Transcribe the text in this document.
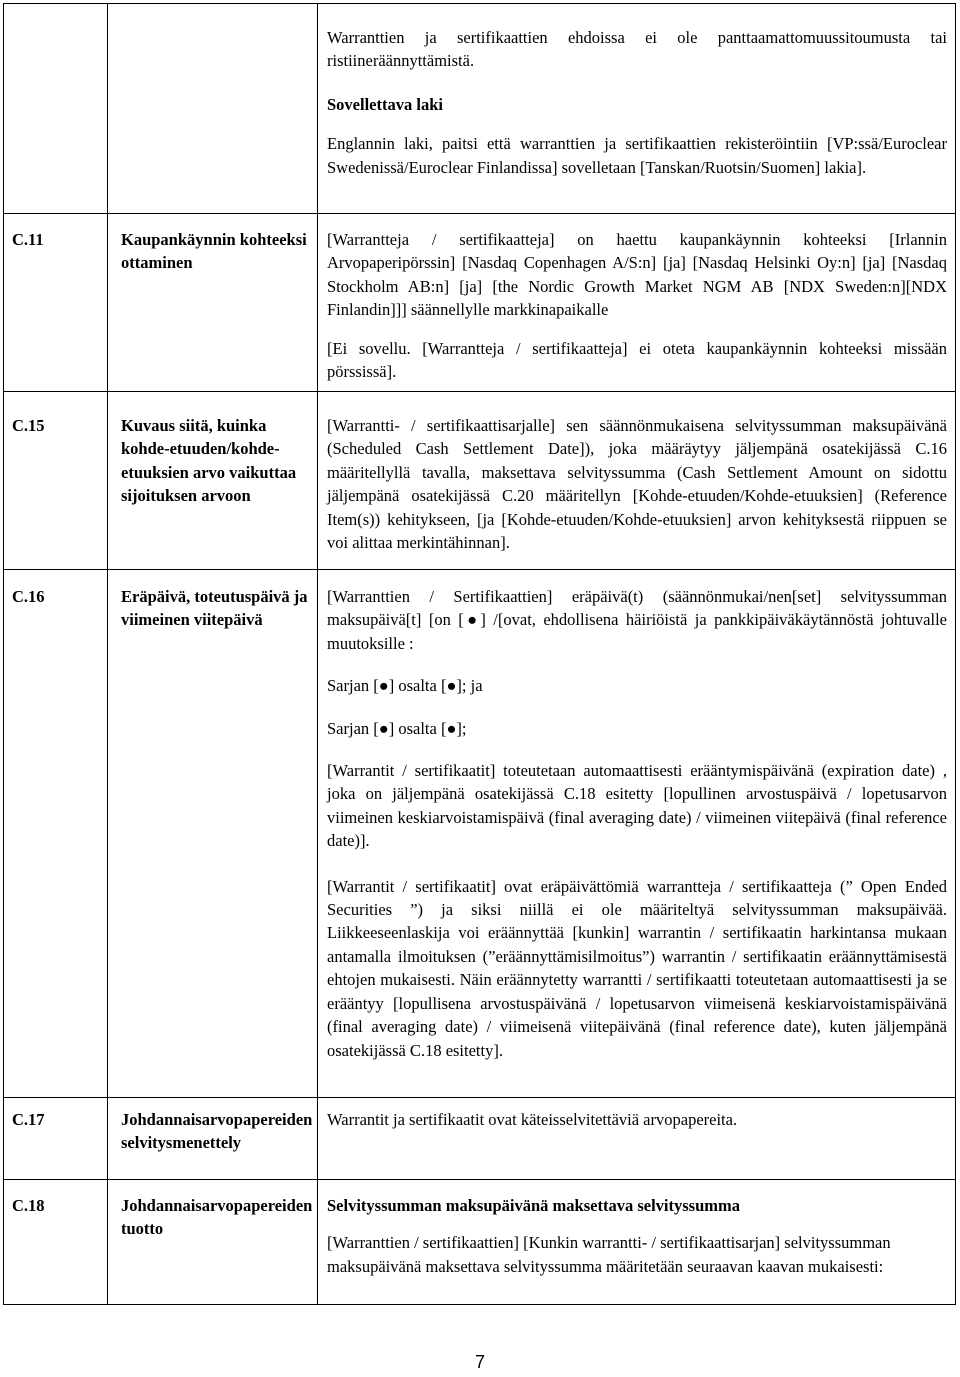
		Warranttien ja sertifikaattien ehdoissa ei ole panttaamattomuussitoumusta tai ristiineräännyttämistä.

Sovellettava laki

Englannin laki, paitsi että warranttien ja sertifikaattien rekisteröintiin [VP:ssä/Euroclear Swedenissä/Euroclear Finlandissa] sovelletaan [Tanskan/Ruotsin/Suomen] lakia].

C.11	Kaupankäynnin kohteeksi ottaminen	[Warrantteja / sertifikaatteja] on haettu kaupankäynnin kohteeksi [Irlannin Arvopaperipörssin] [Nasdaq Copenhagen A/S:n] [ja] [Nasdaq Helsinki Oy:n] [ja] [Nasdaq Stockholm AB:n] [ja] [the Nordic Growth Market NGM AB [NDX Sweden:n][NDX Finlandin]]] säännellylle markkinapaikalle

[Ei sovellu. [Warrantteja / sertifikaatteja] ei oteta kaupankäynnin kohteeksi missään pörssissä].

C.15	Kuvaus siitä, kuinka kohde-etuuden/kohde-etuuksien arvo vaikuttaa sijoituksen arvoon	[Warrantti- / sertifikaattisarjalle] sen säännönmukaisena selvityssumman maksupäivänä (Scheduled Cash Settlement Date]), joka määräytyy jäljempänä osatekijässä C.16 määritellyllä tavalla, maksettava selvityssumma (Cash Settlement Amount on sidottu jäljempänä osatekijässä C.20 määritellyn [Kohde-etuuden/Kohde-etuuksien] (Reference Item(s)) kehitykseen, [ja [Kohde-etuuden/Kohde-etuuksien] arvon kehityksestä riippuen se voi alittaa merkintähinnan].

C.16	Eräpäivä, toteutuspäivä ja viimeinen viitepäivä	[Warranttien / Sertifikaattien] eräpäivä(t) (säännönmukai/nen[set] selvityssumman maksupäivä[t] [on [●] /[ovat, ehdollisena häiriöistä ja pankkipäiväkäytännöstä johtuvalle muutoksille :

Sarjan [●] osalta [●]; ja

Sarjan [●] osalta [●];

[Warrantit / sertifikaatit] toteutetaan automaattisesti erääntymispäivänä (expiration date) , joka on jäljempänä osatekijässä C.18 esitetty [lopullinen arvostuspäivä / lopetusarvon viimeinen keskiarvoistamispäivä (final averaging date) / viimeinen viitepäivä (final reference date)].

[Warrantit / sertifikaatit] ovat eräpäivättömiä warrantteja / sertifikaatteja (” Open Ended Securities ”) ja siksi niillä ei ole määriteltyä selvityssumman maksupäivää. Liikkeeseenlaskija voi eräännyttää [kunkin] warrantin / sertifikaatin harkintansa mukaan antamalla ilmoituksen (”eräännyttämisilmoitus”) warrantin / sertifikaatin eräännyttämisestä ehtojen mukaisesti. Näin eräännytetty warrantti / sertifikaatti toteutetaan automaattisesti ja se erääntyy [lopullisena arvostuspäivänä / lopetusarvon viimeisenä keskiarvoistamispäivänä (final averaging date) / viimeisenä viitepäivänä (final reference date), kuten jäljempänä osatekijässä C.18 esitetty].

C.17	Johdannaisarvopapereiden selvitysmenettely	Warrantit ja sertifikaatit ovat käteisselvitettäviä arvopapereita.

C.18	Johdannaisarvopapereiden tuotto	Selvityssumman maksupäivänä maksettava selvityssumma

[Warranttien / sertifikaattien] [Kunkin warrantti- / sertifikaattisarjan] selvityssumman maksupäivänä maksettava selvityssumma määritetään seuraavan kaavan mukaisesti:

7
